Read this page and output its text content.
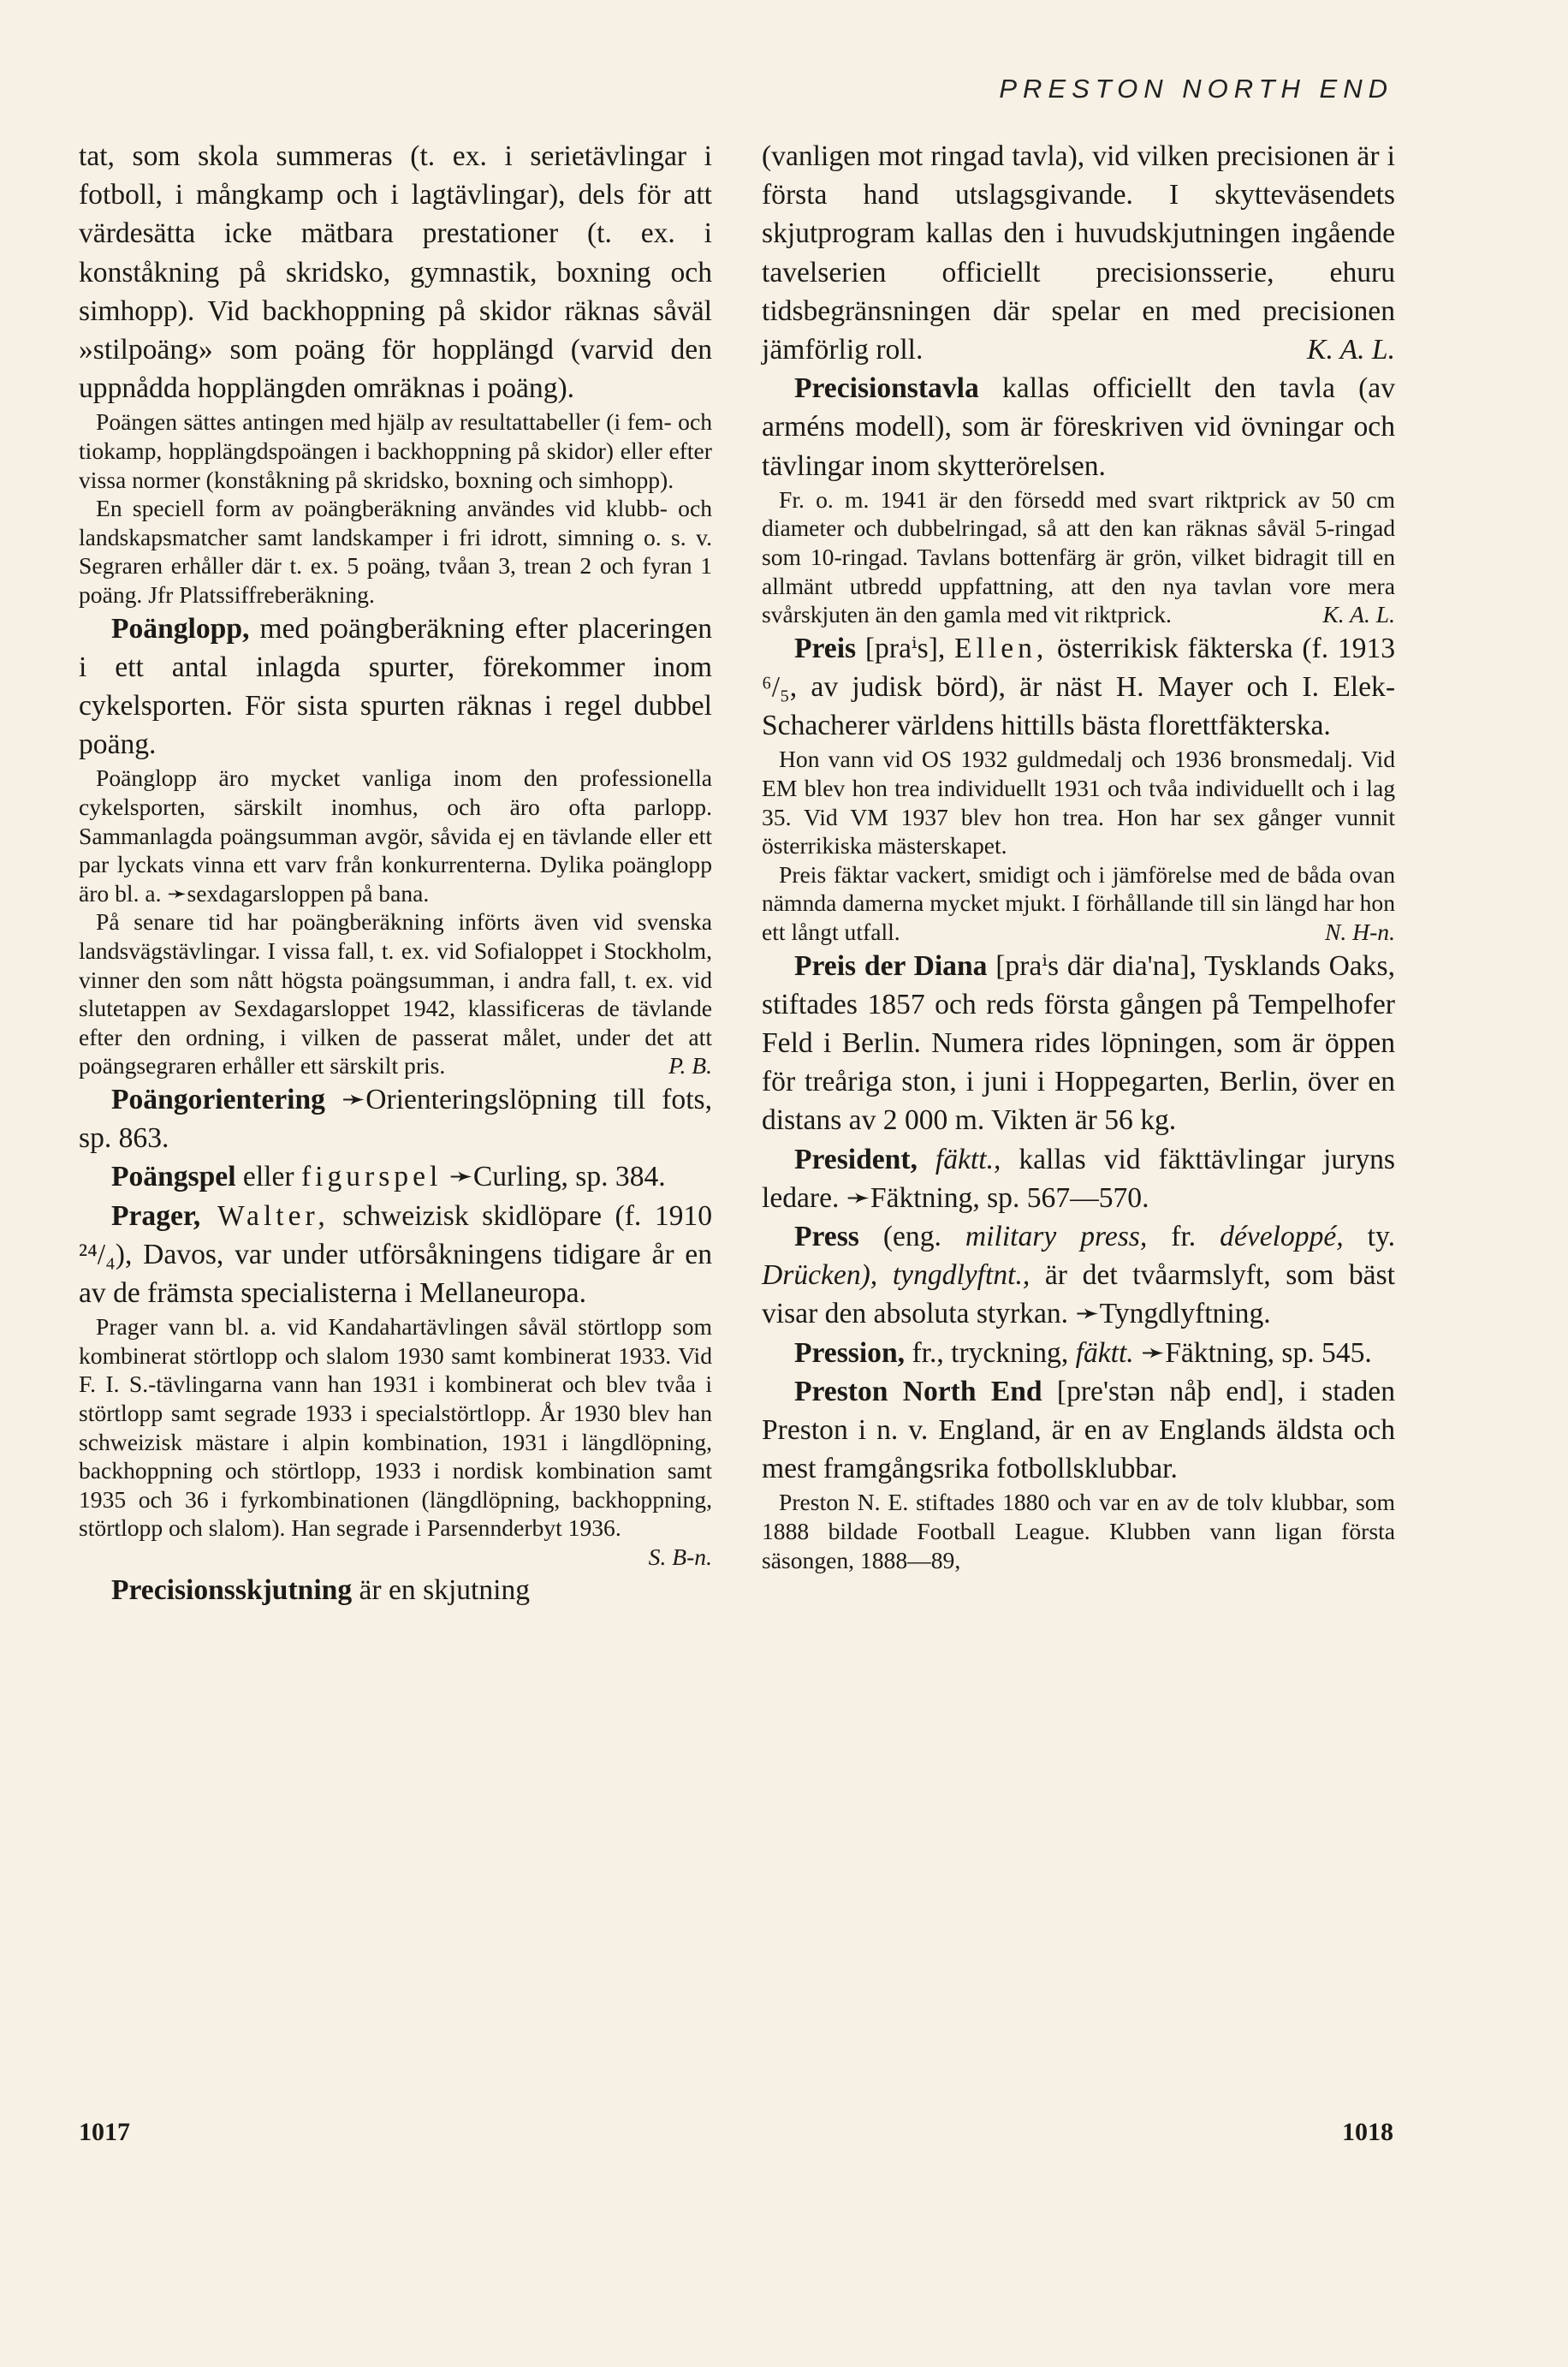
PRESTON NORTH END

tat, som skola summeras (t. ex. i serietävlingar i fotboll, i mångkamp och i lagtävlingar), dels för att värdesätta icke mätbara prestationer (t. ex. i konståkning på skridsko, gymnastik, boxning och simhopp). Vid backhoppning på skidor räknas såväl »stilpoäng» som poäng för hopplängd (varvid den uppnådda hopplängden omräknas i poäng).

Poängen sättes antingen med hjälp av resultattabeller (i fem- och tiokamp, hopplängdspoängen i backhoppning på skidor) eller efter vissa normer (konståkning på skridsko, boxning och simhopp).

En speciell form av poängberäkning användes vid klubb- och landskapsmatcher samt landskamper i fri idrott, simning o. s. v. Segraren erhåller där t. ex. 5 poäng, tvåan 3, trean 2 och fyran 1 poäng. Jfr Platssiffreberäkning.

Poänglopp, med poängberäkning efter placeringen i ett antal inlagda spurter, förekommer inom cykelsporten. För sista spurten räknas i regel dubbel poäng.

Poänglopp äro mycket vanliga inom den professionella cykelsporten, särskilt inomhus, och äro ofta parlopp. Sammanlagda poängsumman avgör, såvida ej en tävlande eller ett par lyckats vinna ett varv från konkurrenterna. Dylika poänglopp äro bl. a. ➛sexdagarsloppen på bana.

På senare tid har poängberäkning införts även vid svenska landsvägstävlingar. I vissa fall, t. ex. vid Sofialoppet i Stockholm, vinner den som nått högsta poängsumman, i andra fall, t. ex. vid slutetappen av Sexdagarsloppet 1942, klassificeras de tävlande efter den ordning, i vilken de passerat målet, under det att poängsegraren erhåller ett särskilt pris.	P. B.

Poängorientering ➛Orienteringslöpning till fots, sp. 863.

Poängspel eller figurspel ➛Curling, sp. 384.

Prager, Walter, schweizisk skidlöpare (f. 1910 ²⁴/₄), Davos, var under utförsåkningens tidigare år en av de främsta specialisterna i Mellaneuropa.

Prager vann bl. a. vid Kandahartävlingen såväl störtlopp som kombinerat störtlopp och slalom 1930 samt kombinerat 1933. Vid F. I. S.-tävlingarna vann han 1931 i kombinerat och blev tvåa i störtlopp samt segrade 1933 i specialstörtlopp. År 1930 blev han schweizisk mästare i alpin kombination, 1931 i längdlöpning, backhoppning och störtlopp, 1933 i nordisk kombination samt 1935 och 36 i fyrkombinationen (längdlöpning, backhoppning, störtlopp och slalom). Han segrade i Parsennderbyt 1936.
S. B-n.

Precisionsskjutning är en skjutning

(vanligen mot ringad tavla), vid vilken precisionen är i första hand utslagsgivande. I skytteväsendets skjutprogram kallas den i huvudskjutningen ingående tavelserien officiellt precisionsserie, ehuru tidsbegränsningen där spelar en med precisionen jämförlig roll.	K. A. L.

Precisionstavla kallas officiellt den tavla (av arméns modell), som är föreskriven vid övningar och tävlingar inom skytterörelsen.

Fr. o. m. 1941 är den försedd med svart riktprick av 50 cm diameter och dubbelringad, så att den kan räknas såväl 5-ringad som 10-ringad. Tavlans bottenfärg är grön, vilket bidragit till en allmänt utbredd uppfattning, att den nya tavlan vore mera svårskjuten än den gamla med vit riktprick.	K. A. L.

Preis [praⁱs], Ellen, österrikisk fäkterska (f. 1913 ⁶/₅, av judisk börd), är näst H. Mayer och I. Elek-Schacherer världens hittills bästa florettfäkterska.

Hon vann vid OS 1932 guldmedalj och 1936 bronsmedalj. Vid EM blev hon trea individuellt 1931 och tvåa individuellt och i lag 35. Vid VM 1937 blev hon trea. Hon har sex gånger vunnit österrikiska mästerskapet.

Preis fäktar vackert, smidigt och i jämförelse med de båda ovan nämnda damerna mycket mjukt. I förhållande till sin längd har hon ett långt utfall.	N. H-n.

Preis der Diana [praⁱs där dia'na], Tysklands Oaks, stiftades 1857 och reds första gången på Tempelhofer Feld i Berlin. Numera rides löpningen, som är öppen för treåriga ston, i juni i Hoppegarten, Berlin, över en distans av 2 000 m. Vikten är 56 kg.

President, fäktt., kallas vid fäkttävlingar juryns ledare. ➛Fäktning, sp. 567—570.

Press (eng. military press, fr. développé, ty. Drücken), tyngdlyftnt., är det tvåarmslyft, som bäst visar den absoluta styrkan. ➛Tyngdlyftning.

Pression, fr., tryckning, fäktt. ➛Fäktning, sp. 545.

Preston North End [pre'stən nåþ end], i staden Preston i n. v. England, är en av Englands äldsta och mest framgångsrika fotbollsklubbar.

Preston N. E. stiftades 1880 och var en av de tolv klubbar, som 1888 bildade Football League. Klubben vann ligan första säsongen, 1888—89,

1017	1018
